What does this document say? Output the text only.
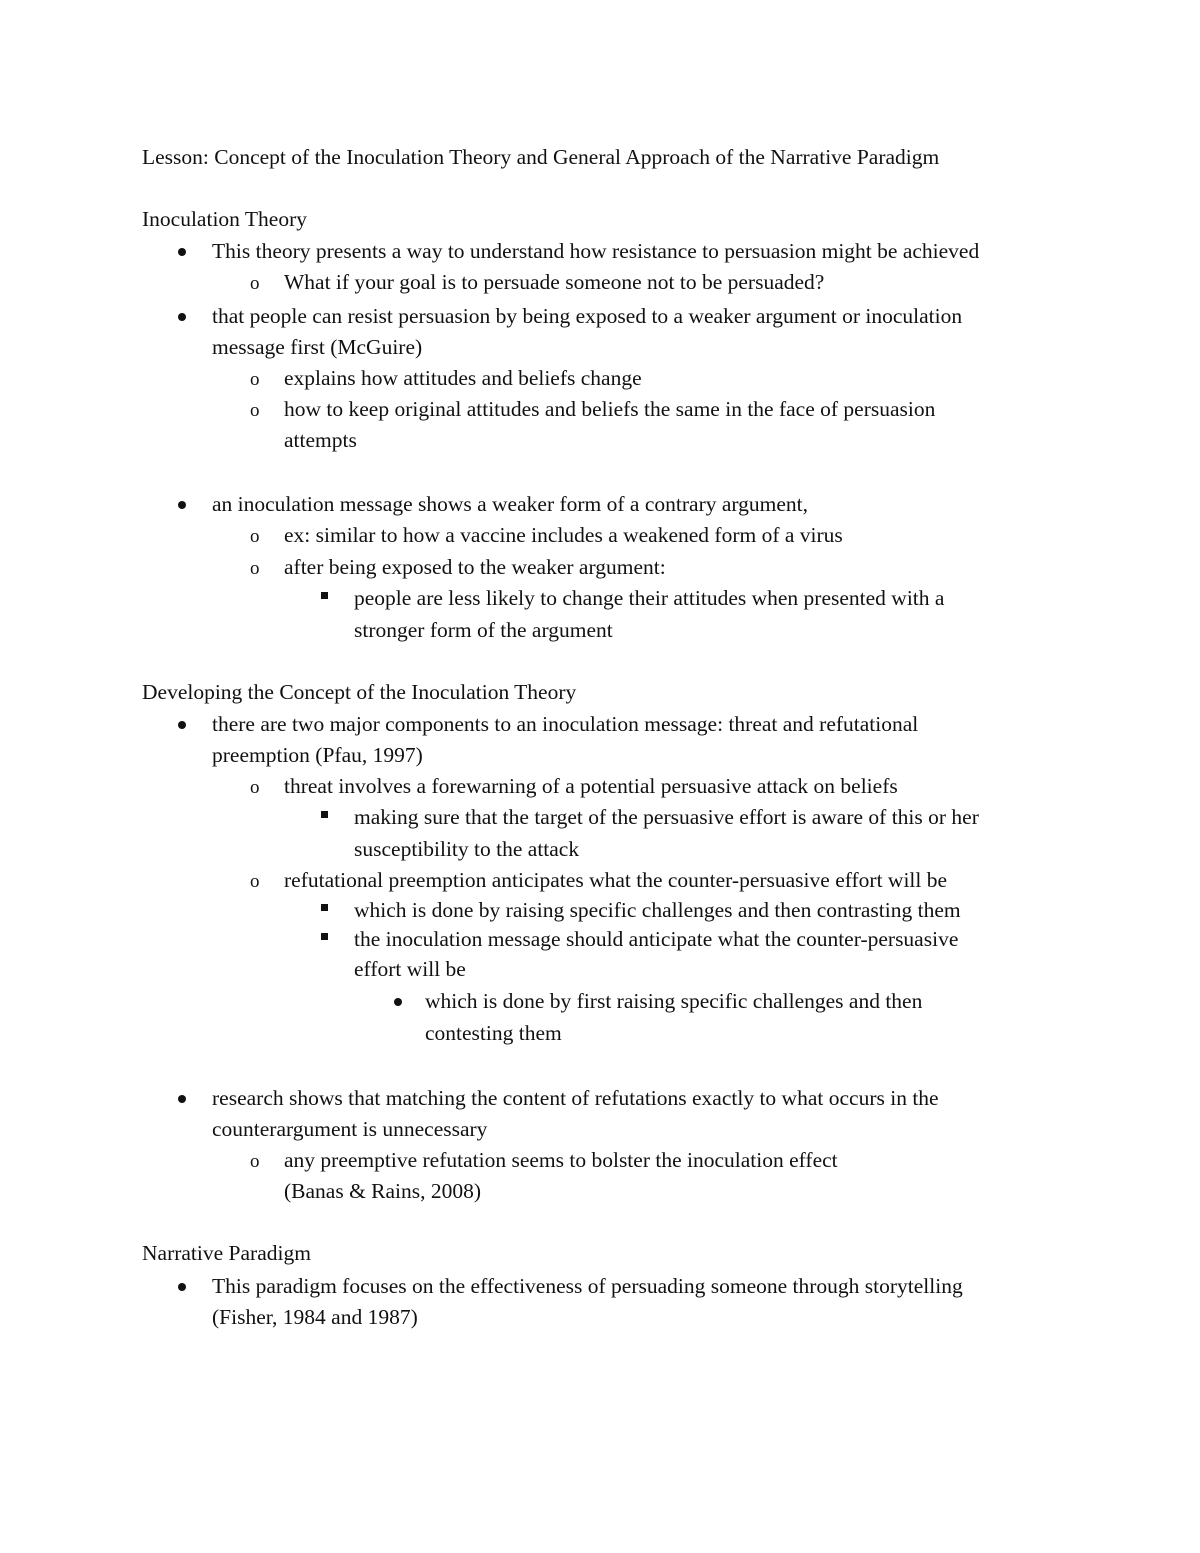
Lesson: Concept of the Inoculation Theory and General Approach of the Narrative Paradigm
Inoculation Theory
This theory presents a way to understand how resistance to persuasion might be achieved
o What if your goal is to persuade someone not to be persuaded?
that people can resist persuasion by being exposed to a weaker argument or inoculation
message first (McGuire)
o explains how attitudes and beliefs change
o how to keep original attitudes and beliefs the same in the face of persuasion
attempts
an inoculation message shows a weaker form of a contrary argument,
o ex: similar to how a vaccine includes a weakened form of a virus
o after being exposed to the weaker argument:
people are less likely to change their attitudes when presented with a
stronger form of the argument
Developing the Concept of the Inoculation Theory
there are two major components to an inoculation message: threat and refutational
preemption (Pfau, 1997)
o threat involves a forewarning of a potential persuasive attack on beliefs
making sure that the target of the persuasive effort is aware of this or her
susceptibility to the attack
o refutational preemption anticipates what the counter-persuasive effort will be
which is done by raising specific challenges and then contrasting them
the inoculation message should anticipate what the counter-persuasive
effort will be
which is done by first raising specific challenges and then
contesting them
research shows that matching the content of refutations exactly to what occurs in the
counterargument is unnecessary
o any preemptive refutation seems to bolster the inoculation effect
(Banas & Rains, 2008)
Narrative Paradigm
This paradigm focuses on the effectiveness of persuading someone through storytelling
(Fisher, 1984 and 1987)
